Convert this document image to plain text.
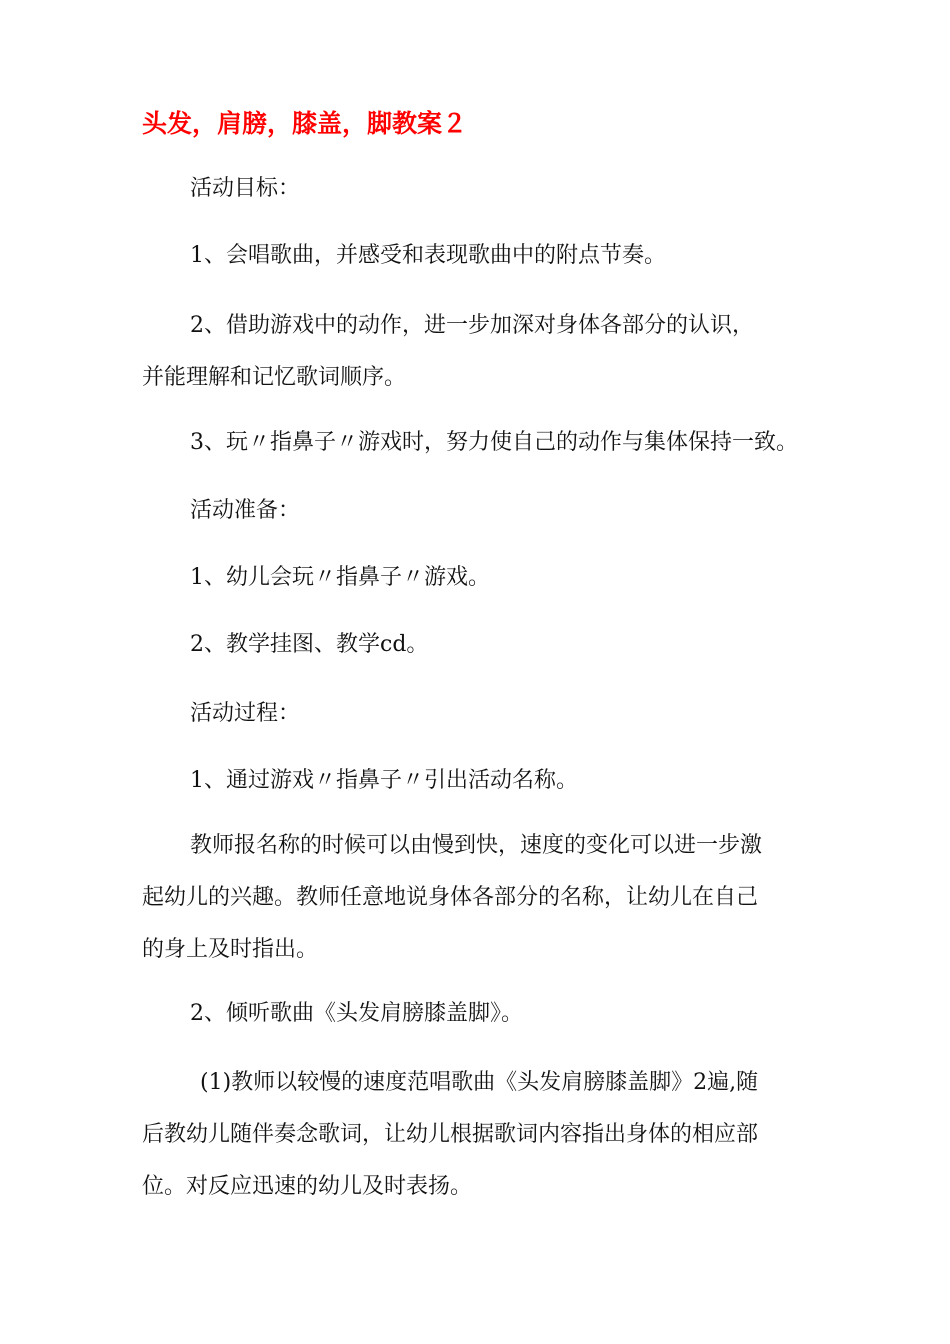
头发，肩膀，膝盖，脚教案２

活动目标：

1、会唱歌曲，并感受和表现歌曲中的附点节奏。

2、借助游戏中的动作，进一步加深对身体各部分的认识，
并能理解和记忆歌词顺序。

3、玩〃指鼻子〃游戏时，努力使自己的动作与集体保持一致。

活动准备：

1、幼儿会玩〃指鼻子〃游戏。

2、教学挂图、教学cd。

活动过程：

1、通过游戏〃指鼻子〃引出活动名称。

教师报名称的时候可以由慢到快，速度的变化可以进一步激
起幼儿的兴趣。教师任意地说身体各部分的名称，让幼儿在自己
的身上及时指出。

2、倾听歌曲《头发肩膀膝盖脚》。

(1)教师以较慢的速度范唱歌曲《头发肩膀膝盖脚》2遍,随
后教幼儿随伴奏念歌词，让幼儿根据歌词内容指出身体的相应部
位。对反应迅速的幼儿及时表扬。
